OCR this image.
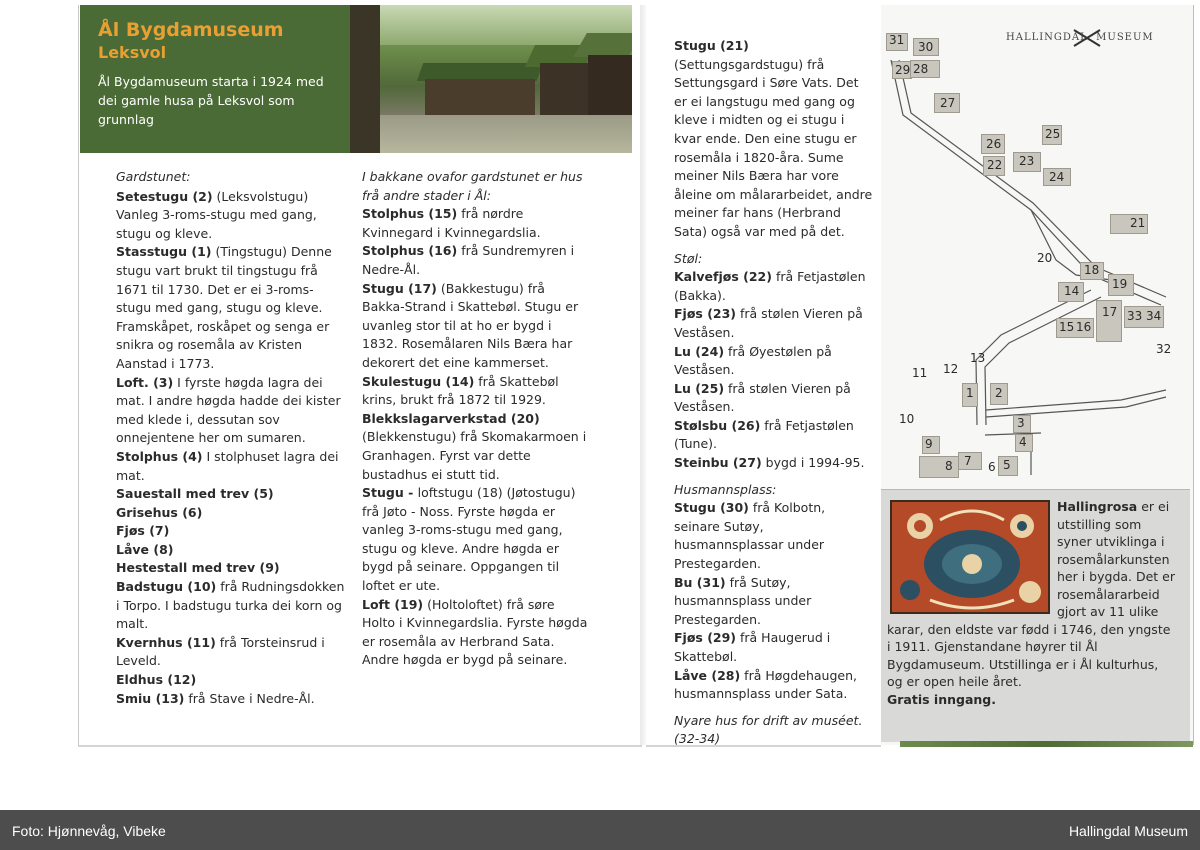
Ål Bygdamuseum
Leksvol
Ål Bygdamuseum starta i 1924 med dei gamle husa på Leksvol som grunnlag

Gardstunet:

Setestugu (2) (Leksvolstugu) Vanleg 3-roms-stugu med gang, stugu og kleve.

Stasstugu (1) (Tingstugu) Denne stugu vart brukt til tingstugu frå 1671 til 1730. Det er ei 3-roms-stugu med gang, stugu og kleve. Framskåpet, roskåpet og senga er snikra og rosemåla av Kristen Aanstad i 1773.

Loft. (3) I fyrste høgda lagra dei mat. I andre høgda hadde dei kister med klede i, dessutan sov onnejentene her om sumaren.

Stolphus (4) I stolphuset lagra dei mat.

Sauestall med trev (5)

Grisehus (6)

Fjøs (7)

Låve (8)

Hestestall med trev (9)

Badstugu (10) frå Rudningsdokken i Torpo. I badstugu turka dei korn og malt.

Kvernhus (11) frå Torsteinsrud i Leveld.

Eldhus (12)

Smiu (13) frå Stave i Nedre-Ål.

I bakkane ovafor gardstunet er hus frå andre stader i Ål:

Stolphus (15) frå nørdre Kvinnegard i Kvinnegardslia.

Stolphus (16) frå Sundremyren i Nedre-Ål.

Stugu (17) (Bakkestugu) frå Bakka-Strand i Skattebøl. Stugu er uvanleg stor til at ho er bygd i 1832. Rosemålaren Nils Bæra har dekorert det eine kammerset.

Skulestugu (14) frå Skattebøl krins, brukt frå 1872 til 1929.

Blekkslagarverkstad (20) (Blekkenstugu) frå Skomakarmoen i Granhagen. Fyrst var dette bustadhus ei stutt tid.

Stugu - loftstugu (18) (Jøtostugu) frå Jøto - Noss. Fyrste høgda er vanleg 3-roms-stugu med gang, stugu og kleve. Andre høgda er bygd på seinare. Oppgangen til loftet er ute.

Loft (19) (Holtoloftet) frå søre Holto i Kvinnegardslia. Fyrste høgda er rosemåla av Herbrand Sata. Andre høgda er bygd på seinare.

Stugu (21) (Settungsgardstugu) frå Settungsgard i Søre Vats. Det er ei langstugu med gang og kleve i midten og ei stugu i kvar ende. Den eine stugu er rosemåla i 1820-åra. Sume meiner Nils Bæra har vore åleine om målararbeidet, andre meiner far hans (Herbrand Sata) også var med på det.

Støl:

Kalvefjøs (22) frå Fetjastølen (Bakka).

Fjøs (23) frå stølen Vieren på Veståsen.

Lu (24) frå Øyestølen på Veståsen.

Lu (25) frå stølen Vieren på Veståsen.

Stølsbu (26) frå Fetjastølen (Tune).

Steinbu (27) bygd i 1994-95.

Husmannsplass:

Stugu (30) frå Kolbotn, seinare Sutøy, husmannsplassar under Prestegarden.

Bu (31) frå Sutøy, husmannsplass under Prestegarden.

Fjøs (29) frå Haugerud i Skattebøl.

Låve (28) frå Høgdehaugen, husmannsplass under Sata.

Nyare hus for drift av muséet. (32-34)

HALLINGDAL  MUSEUM
31 30
29 28
27
26
25
22 23
24
21
20
18
19
14
17
15 16
33 34
32
13
11 12
1 2
10	3
9	4
8 7 6 5
Hallingrosa er ei utstilling som syner utviklinga i rosemålarkunsten her i bygda. Det er rosemålararbeid gjort av 11 ulike karar, den eldste var fødd i 1746, den yngste i 1911. Gjenstandane høyrer til Ål Bygdamuseum. Utstillinga er i Ål kulturhus, og er open heile året.
Gratis inngang.
Foto: Hjønnevåg, Vibeke	Hallingdal Museum
